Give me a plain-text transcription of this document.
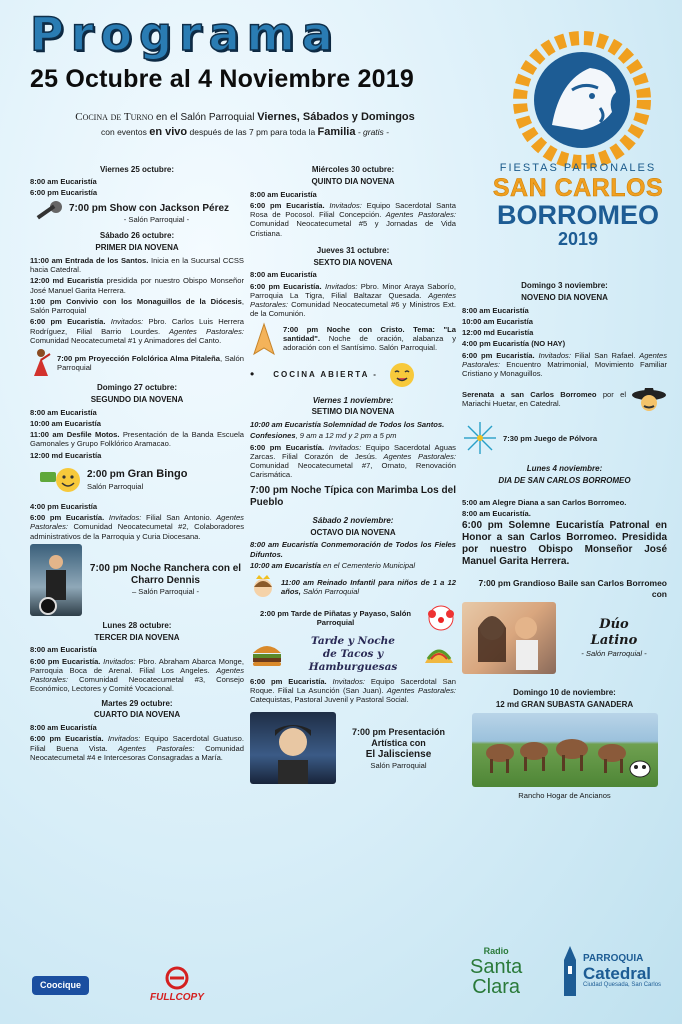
Programa
25 Octubre al 4 Noviembre 2019
Cocina de Turno en el Salón Parroquial Viernes, Sábados y Domingos
con eventos en vivo después de las 7 pm para toda la Familia - gratis -
FIESTAS PATRONALES
SAN CARLOS
BORROMEO
2019
Viernes 25 octubre:
8:00 am Eucaristía
6:00 pm Eucaristía
7:00 pm Show con Jackson Pérez
- Salón Parroquial -
Sábado 26 octubre:
PRIMER DIA NOVENA
11:00 am Entrada de los Santos. Inicia en la Sucursal CCSS hacia Catedral.
12:00 md Eucaristía presidida por nuestro Obispo Monseñor José Manuel Garita Herrera.
1:00 pm Convivio con los Monaguillos de la Diócesis, Salón Parroquial
6:00 pm Eucaristía. Invitados: Pbro. Carlos Luis Herrera Rodríguez, Filial Barrio Lourdes. Agentes Pastorales: Comunidad Neocatecumetal #1 y Animadores del Canto.
7:00 pm Proyección Folclórica Alma Pitaleña, Salón Parroquial
Domingo 27 octubre:
SEGUNDO DIA NOVENA
8:00 am Eucaristía
10:00 am Eucaristía
11:00 am Desfile Motos. Presentación de la Banda Escuela Gamonales y Grupo Folklórico Aramacao.
12:00 md Eucaristía
2:00 pm Gran Bingo
Salón Parroquial
4:00 pm Eucaristía
6:00 pm Eucaristía. Invitados: Filial San Antonio. Agentes Pastorales: Comunidad Neocatecumetal #2, Colaboradores administrativos de la Parroquia y Curia Diocesana.
7:00 pm Noche Ranchera con el Charro Dennis
– Salón Parroquial -
Lunes 28 octubre:
TERCER DIA NOVENA
8:00 am Eucaristía
6:00 pm Eucaristía. Invitados: Pbro. Abraham Abarca Monge, Parroquia Boca de Arenal. Filial Los Angeles. Agentes Pastorales: Comunidad Neocatecumetal #3, Consejo Económico, Lectores y Comité Vocacional.
Martes 29 octubre:
CUARTO DIA NOVENA
8:00 am Eucaristía
6:00 pm Eucaristía. Invitados: Equipo Sacerdotal Guatuso. Filial Buena Vista. Agentes Pastorales: Comunidad Neocatecumetal #4 e Intercesoras Consagradas a María.
Miércoles 30 octubre:
QUINTO DIA NOVENA
8:00 am Eucaristía
6:00 pm Eucaristía. Invitados: Equipo Sacerdotal Santa Rosa de Pocosol. Filial Concepción. Agentes Pastorales: Comunidad Neocatecumetal #5 y Jornadas de Vida Cristiana.
Jueves 31 octubre:
SEXTO DIA NOVENA
8:00 am Eucaristía
6:00 pm Eucaristía. Invitados: Pbro. Minor Araya Saborío, Parroquia La Tigra, Filial Baltazar Quesada. Agentes Pastorales: Comunidad Neocatecumetal #6 y Ministros Ext. de la Comunión.
7:00 pm Noche con Cristo. Tema: "La santidad". Noche de oración, alabanza y adoración con el Santísimo. Salón Parroquial.
• COCINA ABIERTA -
Viernes 1 noviembre:
SETIMO DIA NOVENA
10:00 am Eucaristía Solemnidad de Todos los Santos.
Confesiones, 9 am a 12 md y 2 pm a 5 pm
6:00 pm Eucaristía. Invitados: Equipo Sacerdotal Aguas Zarcas. Filial Corazón de Jesús. Agentes Pastorales: Comunidad Neocatecumetal #7, Ornato, Renovación Carismática.
7:00 pm Noche Típica con Marimba Los del Pueblo
Sábado 2 noviembre:
OCTAVO DIA NOVENA
8:00 am Eucaristía Conmemoración de Todos los Fieles Difuntos.
10:00 am Eucaristía en el Cementerio Municipal
11:00 am Reinado Infantil para niños de 1 a 12 años, Salón Parroquial
2:00 pm Tarde de Piñatas y Payaso, Salón Parroquial
Tarde y Noche
de Tacos y
Hamburguesas
6:00 pm Eucaristía. Invitados: Equipo Sacerdotal San Roque. Filial La Asunción (San Juan). Agentes Pastorales: Catequistas, Pastoral Juvenil y Pastoral Social.
7:00 pm Presentación Artística con
El Jalisciense
Salón Parroquial
Domingo 3 noviembre:
NOVENO DIA NOVENA
8:00 am Eucaristía
10:00 am Eucaristía
12:00 md Eucaristía
4:00 pm Eucaristía (NO HAY)
6:00 pm Eucaristía. Invitados: Filial San Rafael. Agentes Pastorales: Encuentro Matrimonial, Movimiento Familiar Cristiano y Monaguillos.
Serenata a san Carlos Borromeo por el Mariachi Huetar, en Catedral.
7:30 pm Juego de Pólvora
Lunes 4 noviembre:
DIA DE SAN CARLOS BORROMEO
5:00 am Alegre Diana a san Carlos Borromeo.
8:00 am Eucaristía.
6:00 pm Solemne Eucaristía Patronal en Honor a san Carlos Borromeo. Presidida por nuestro Obispo Monseñor José Manuel Garita Herrera.
7:00 pm Grandioso Baile san Carlos Borromeo con
Dúo
Latino
- Salón Parroquial -
Domingo 10 de noviembre:
12 md GRAN SUBASTA GANADERA
Rancho Hogar de Ancianos
Coocique
FULLCOPY
Radio
Santa
Clara
PARROQUIA
Catedral
Ciudad Quesada, San Carlos
